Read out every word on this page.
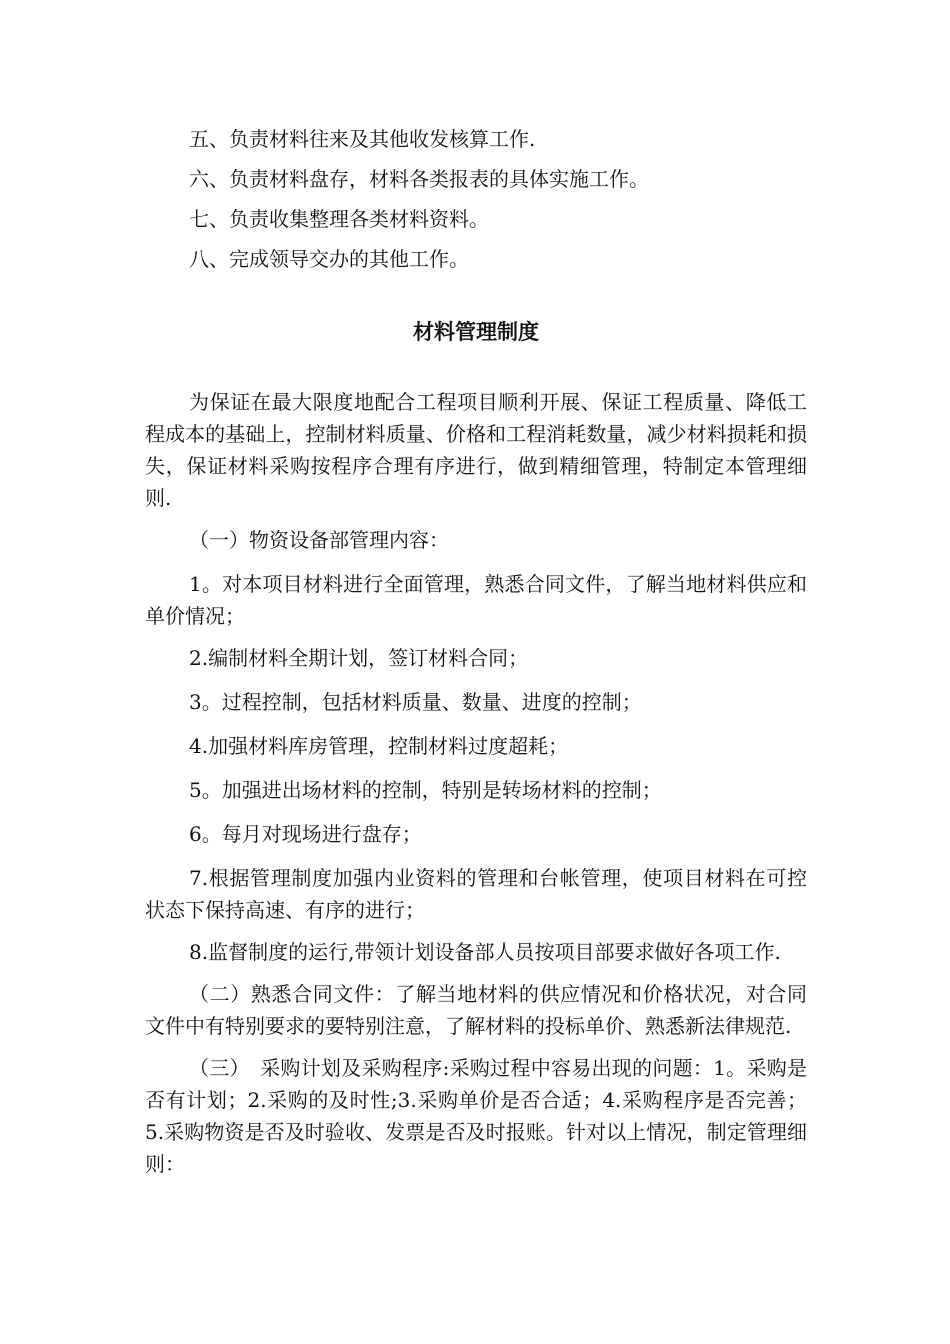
五、负责材料往来及其他收发核算工作.
六、负责材料盘存，材料各类报表的具体实施工作。
七、负责收集整理各类材料资料。
八、完成领导交办的其他工作。
材料管理制度

为保证在最大限度地配合工程项目顺利开展、保证工程质量、降低工程成本的基础上，控制材料质量、价格和工程消耗数量，减少材料损耗和损失，保证材料采购按程序合理有序进行，做到精细管理，特制定本管理细则.

（一）物资设备部管理内容：

1。对本项目材料进行全面管理，熟悉合同文件，了解当地材料供应和单价情况；

2.编制材料全期计划，签订材料合同；

3。过程控制，包括材料质量、数量、进度的控制；

4.加强材料库房管理，控制材料过度超耗；

5。加强进出场材料的控制，特别是转场材料的控制；

6。每月对现场进行盘存；

7.根据管理制度加强内业资料的管理和台帐管理，使项目材料在可控状态下保持高速、有序的进行；

8.监督制度的运行,带领计划设备部人员按项目部要求做好各项工作.

（二）熟悉合同文件：了解当地材料的供应情况和价格状况，对合同文件中有特别要求的要特别注意，了解材料的投标单价、熟悉新法律规范.

（三）　采购计划及采购程序:采购过程中容易出现的问题：1。采购是否有计划；2.采购的及时性;3.采购单价是否合适；4.采购程序是否完善；5.采购物资是否及时验收、发票是否及时报账。针对以上情况，制定管理细则：
